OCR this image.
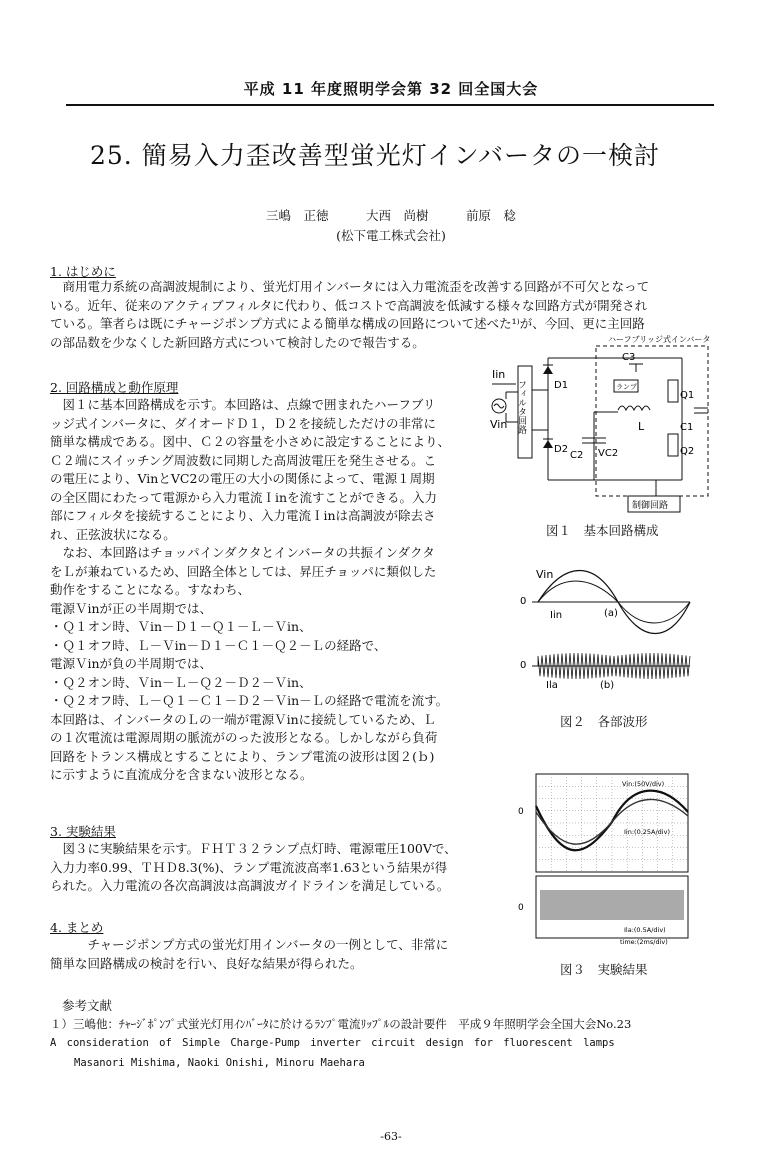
平成 11 年度照明学会第 32 回全国大会
25. 簡易入力歪改善型蛍光灯インバータの一検討
三嶋　正徳　　　大西　尚樹　　　前原　稔
(松下電工株式会社)
1. はじめに

　商用電力系統の高調波規制により、蛍光灯用インバータには入力電流歪を改善する回路が不可欠となって

いる。近年、従来のアクティブフィルタに代わり、低コストで高調波を低減する様々な回路方式が開発され

ている。筆者らは既にチャージポンプ方式による簡単な構成の回路について述べた¹⁾が、今回、更に主回路

の部品数を少なくした新回路方式について検討したので報告する。

2. 回路構成と動作原理

　図１に基本回路構成を示す。本回路は、点線で囲まれたハーフブリ

ッジ式インバータに、ダイオードＤ１，Ｄ２を接続しただけの非常に

簡単な構成である。図中、Ｃ２の容量を小さめに設定することにより、

Ｃ２端にスイッチング周波数に同期した高周波電圧を発生させる。こ

の電圧により、VinとVC2の電圧の大小の関係によって、電源１周期

の全区間にわたって電源から入力電流Ｉinを流すことができる。入力

部にフィルタを接続することにより、入力電流Ｉinは高調波が除去さ

れ、正弦波状になる。

　なお、本回路はチョッパインダクタとインバータの共振インダクタ

をＬが兼ねているため、回路全体としては、昇圧チョッパに類似した

動作をすることになる。すなわち、

電源Ｖinが正の半周期では、

・Ｑ１オン時、Ｖin－Ｄ１－Ｑ１－Ｌ－Ｖin、

・Ｑ１オフ時、Ｌ－Ｖin－Ｄ１－Ｃ１－Ｑ２－Ｌの経路で、

電源Ｖinが負の半周期では、

・Ｑ２オン時、Ｖin－Ｌ－Ｑ２－Ｄ２－Ｖin、

・Ｑ２オフ時、Ｌ－Ｑ１－Ｃ１－Ｄ２－Ｖin－Ｌの経路で電流を流す。

本回路は、インバータのＬの一端が電源Ｖinに接続しているため、Ｌ

の１次電流は電源周期の脈流がのった波形となる。しかしながら負荷

回路をトランス構成とすることにより、ランプ電流の波形は図２(ｂ)

に示すように直流成分を含まない波形となる。

3. 実験結果

　図３に実験結果を示す。ＦＨＴ３２ランプ点灯時、電源電圧100Vで、

入力力率0.99、ＴＨＤ8.3(%)、ランプ電流波高率1.63という結果が得

られた。入力電流の各次高調波は高調波ガイドラインを満足している。

4. まとめ

　　　チャージポンプ方式の蛍光灯用インバータの一例として、非常に

簡単な回路構成の検討を行い、良好な結果が得られた。

ハーフブリッジ式インバータ
Iin
Vin フィルタ回路	D1
D2
C3
ランプ
L
C2 VC2
Q1
Q2
C1
制御回路
図１　基本回路構成
Vin
0
Iin	(a)
0
Ila	(b)
図２　各部波形
Vin:(50V/div)
Iin:(0.25A/div)
0
0
Ila:(0.5A/div)
time:(2ms/div)
図３　実験結果
参考文献
１）三嶋他：ﾁｬｰｼﾞﾎﾟﾝﾌﾟ式蛍光灯用ｲﾝﾊﾞｰﾀに於けるﾗﾝﾌﾟ電流ﾘｯﾌﾟﾙの設計要件　平成９年照明学会全国大会No.23
A consideration of Simple Charge-Pump inverter circuit design for fluorescent lamps
Masanori Mishima, Naoki Onishi, Minoru Maehara
-63-
